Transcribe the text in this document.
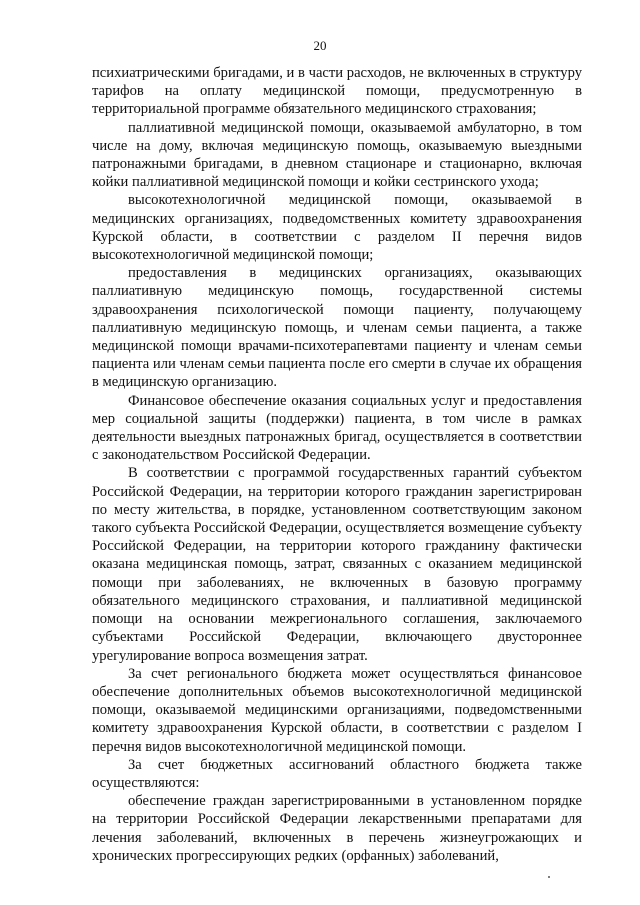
20

психиатрическими бригадами, и в части расходов, не включенных в структуру тарифов на оплату медицинской помощи, предусмотренную в территориальной программе обязательного медицинского страхования;

паллиативной медицинской помощи, оказываемой амбулаторно, в том числе на дому, включая медицинскую помощь, оказываемую выездными патронажными бригадами, в дневном стационаре и стационарно, включая койки паллиативной медицинской помощи и койки сестринского ухода;

высокотехнологичной медицинской помощи, оказываемой в медицинских организациях, подведомственных комитету здравоохранения Курской области, в соответствии с разделом II перечня видов высокотехнологичной медицинской помощи;

предоставления в медицинских организациях, оказывающих паллиативную медицинскую помощь, государственной системы здравоохранения психологической помощи пациенту, получающему паллиативную медицинскую помощь, и членам семьи пациента, а также медицинской помощи врачами-психотерапевтами пациенту и членам семьи пациента или членам семьи пациента после его смерти в случае их обращения в медицинскую организацию.

Финансовое обеспечение оказания социальных услуг и предоставления мер социальной защиты (поддержки) пациента, в том числе в рамках деятельности выездных патронажных бригад, осуществляется в соответствии с законодательством Российской Федерации.

В соответствии с программой государственных гарантий субъектом Российской Федерации, на территории которого гражданин зарегистрирован по месту жительства, в порядке, установленном соответствующим законом такого субъекта Российской Федерации, осуществляется возмещение субъекту Российской Федерации, на территории которого гражданину фактически оказана медицинская помощь, затрат, связанных с оказанием медицинской помощи при заболеваниях, не включенных в базовую программу обязательного медицинского страхования, и паллиативной медицинской помощи на основании межрегионального соглашения, заключаемого субъектами Российской Федерации, включающего двустороннее урегулирование вопроса возмещения затрат.

За счет регионального бюджета может осуществляться финансовое обеспечение дополнительных объемов высокотехнологичной медицинской помощи, оказываемой медицинскими организациями, подведомственными комитету здравоохранения Курской области, в соответствии с разделом I перечня видов высокотехнологичной медицинской помощи.

За счет бюджетных ассигнований областного бюджета также осуществляются:

обеспечение граждан зарегистрированными в установленном порядке на территории Российской Федерации лекарственными препаратами для лечения заболеваний, включенных в перечень жизнеугрожающих и хронических прогрессирующих редких (орфанных) заболеваний,
